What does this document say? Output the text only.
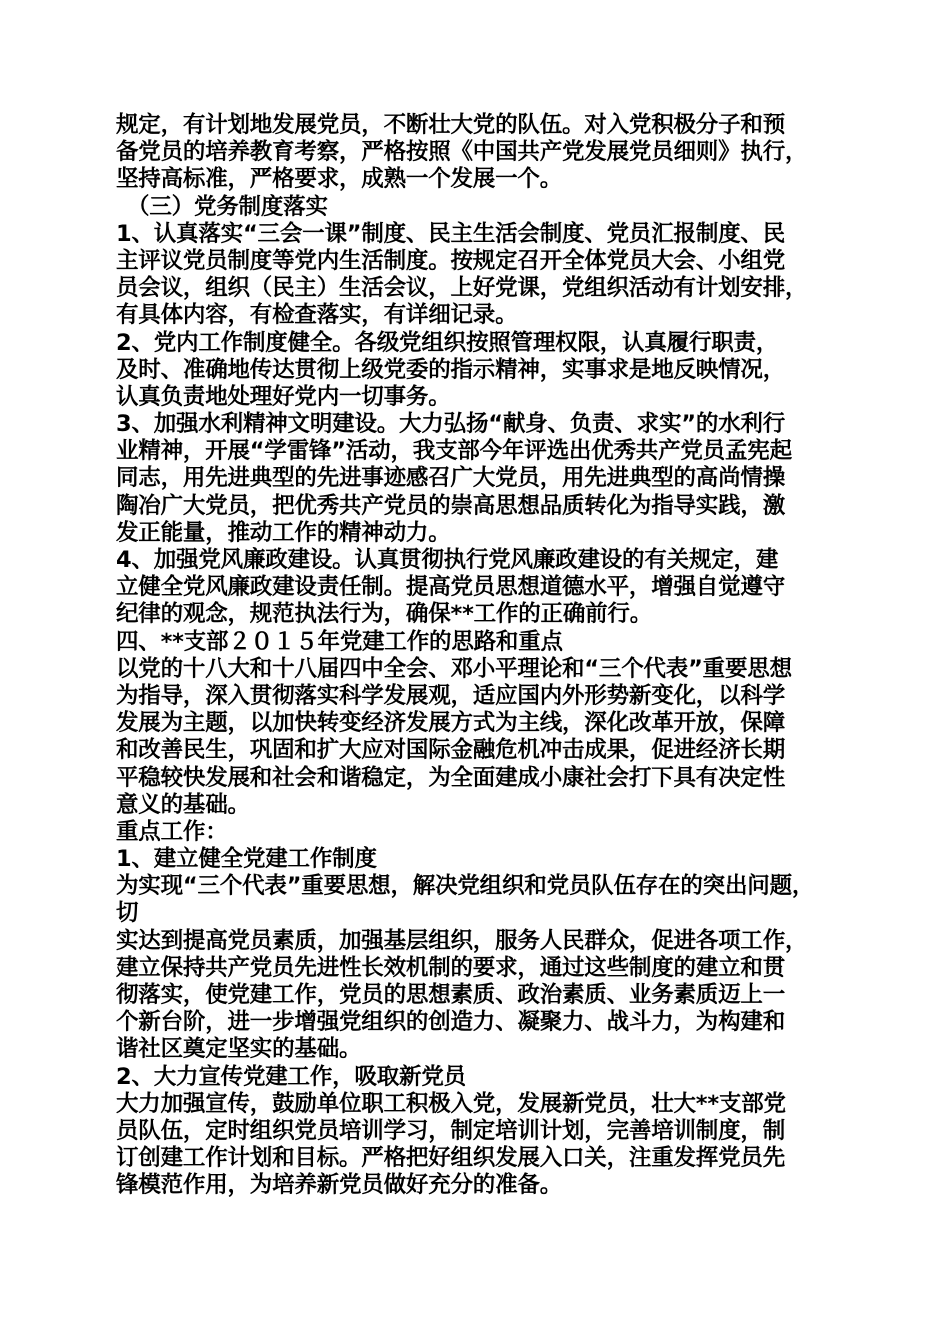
规定，有计划地发展党员，不断壮大党的队伍。对入党积极分子和预
备党员的培养教育考察，严格按照《中国共产党发展党员细则》执行，
坚持高标准，严格要求，成熟一个发展一个。
　（三）党务制度落实
1、认真落实“三会一课”制度、民主生活会制度、党员汇报制度、民
主评议党员制度等党内生活制度。按规定召开全体党员大会、小组党
员会议，组织（民主）生活会议，上好党课，党组织活动有计划安排，
有具体内容，有检查落实，有详细记录。
2、党内工作制度健全。各级党组织按照管理权限，认真履行职责，
及时、准确地传达贯彻上级党委的指示精神，实事求是地反映情况，
认真负责地处理好党内一切事务。
3、加强水利精神文明建设。大力弘扬“献身、负责、求实”的水利行
业精神，开展“学雷锋”活动，我支部今年评选出优秀共产党员孟宪起
同志，用先进典型的先进事迹感召广大党员，用先进典型的高尚情操
陶冶广大党员，把优秀共产党员的崇高思想品质转化为指导实践，激
发正能量，推动工作的精神动力。
4、加强党风廉政建设。认真贯彻执行党风廉政建设的有关规定，建
立健全党风廉政建设责任制。提高党员思想道德水平，增强自觉遵守
纪律的观念，规范执法行为，确保**工作的正确前行。
四、**支部２０１５年党建工作的思路和重点
以党的十八大和十八届四中全会、邓小平理论和“三个代表”重要思想
为指导，深入贯彻落实科学发展观，适应国内外形势新变化，以科学
发展为主题，以加快转变经济发展方式为主线，深化改革开放，保障
和改善民生，巩固和扩大应对国际金融危机冲击成果，促进经济长期
平稳较快发展和社会和谐稳定，为全面建成小康社会打下具有决定性
意义的基础。
重点工作：
1、建立健全党建工作制度
为实现“三个代表”重要思想，解决党组织和党员队伍存在的突出问题，
切
实达到提高党员素质，加强基层组织，服务人民群众，促进各项工作，
建立保持共产党员先进性长效机制的要求，通过这些制度的建立和贯
彻落实，使党建工作，党员的思想素质、政治素质、业务素质迈上一
个新台阶，进一步增强党组织的创造力、凝聚力、战斗力，为构建和
谐社区奠定坚实的基础。
2、大力宣传党建工作，吸取新党员
大力加强宣传，鼓励单位职工积极入党，发展新党员，壮大**支部党
员队伍，定时组织党员培训学习，制定培训计划，完善培训制度，制
订创建工作计划和目标。严格把好组织发展入口关，注重发挥党员先
锋模范作用，为培养新党员做好充分的准备。
